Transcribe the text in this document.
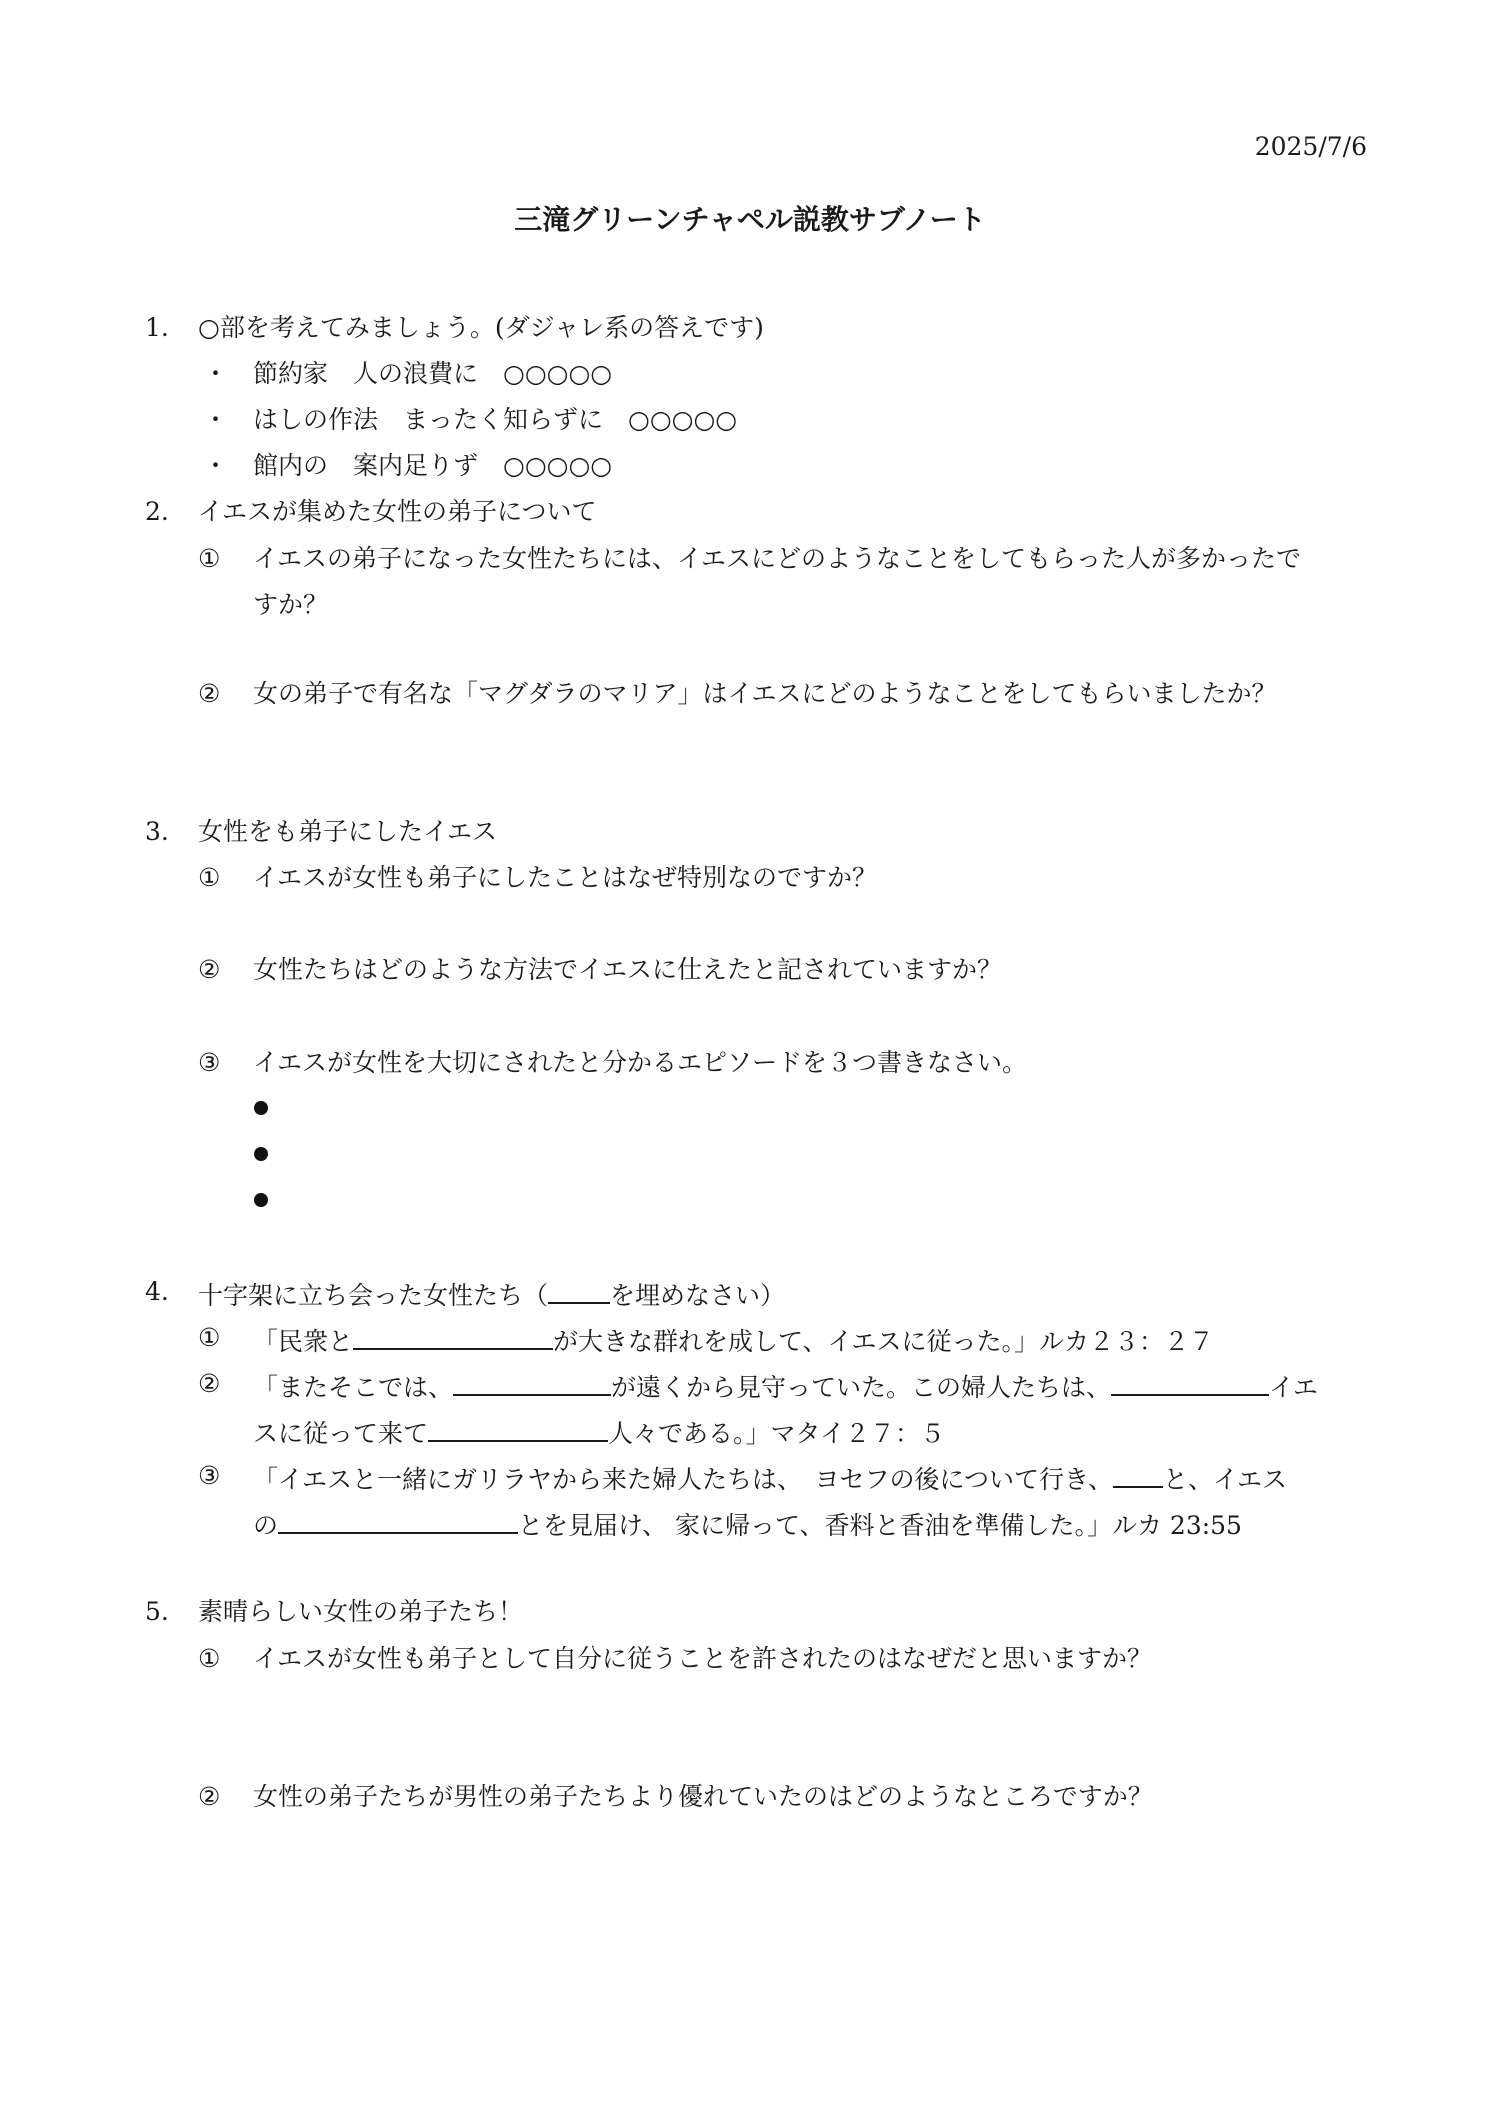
2025/7/6
三滝グリーンチャペル説教サブノート
1. ○部を考えてみましょう。(ダジャレ系の答えです)
・ 節約家　人の浪費に　○○○○○
・ はしの作法　まったく知らずに　○○○○○
・ 館内の　案内足りず　○○○○○
2. イエスが集めた女性の弟子について
① イエスの弟子になった女性たちには、イエスにどのようなことをしてもらった人が多かったで
すか？
② 女の弟子で有名な「マグダラのマリア」はイエスにどのようなことをしてもらいましたか？
3. 女性をも弟子にしたイエス
① イエスが女性も弟子にしたことはなぜ特別なのですか？
② 女性たちはどのような方法でイエスに仕えたと記されていますか？
③ イエスが女性を大切にされたと分かるエピソードを３つ書きなさい。
4. 十字架に立ち会った女性たち（ を埋めなさい）
① 「民衆と	が大きな群れを成して、イエスに従った。」ルカ２３：２７
② 「またそこでは、	が遠くから見守っていた。この婦人たちは、	イエ
スに従って来て	人々である。」マタイ２７：５
③ 「イエスと一緒にガリラヤから来た婦人たちは、　ヨセフの後について行き、 と、イエス
の	とを見届け、 家に帰って、香料と香油を準備した。」ルカ 23:55
5. 素晴らしい女性の弟子たち！
① イエスが女性も弟子として自分に従うことを許されたのはなぜだと思いますか？
② 女性の弟子たちが男性の弟子たちより優れていたのはどのようなところですか？
